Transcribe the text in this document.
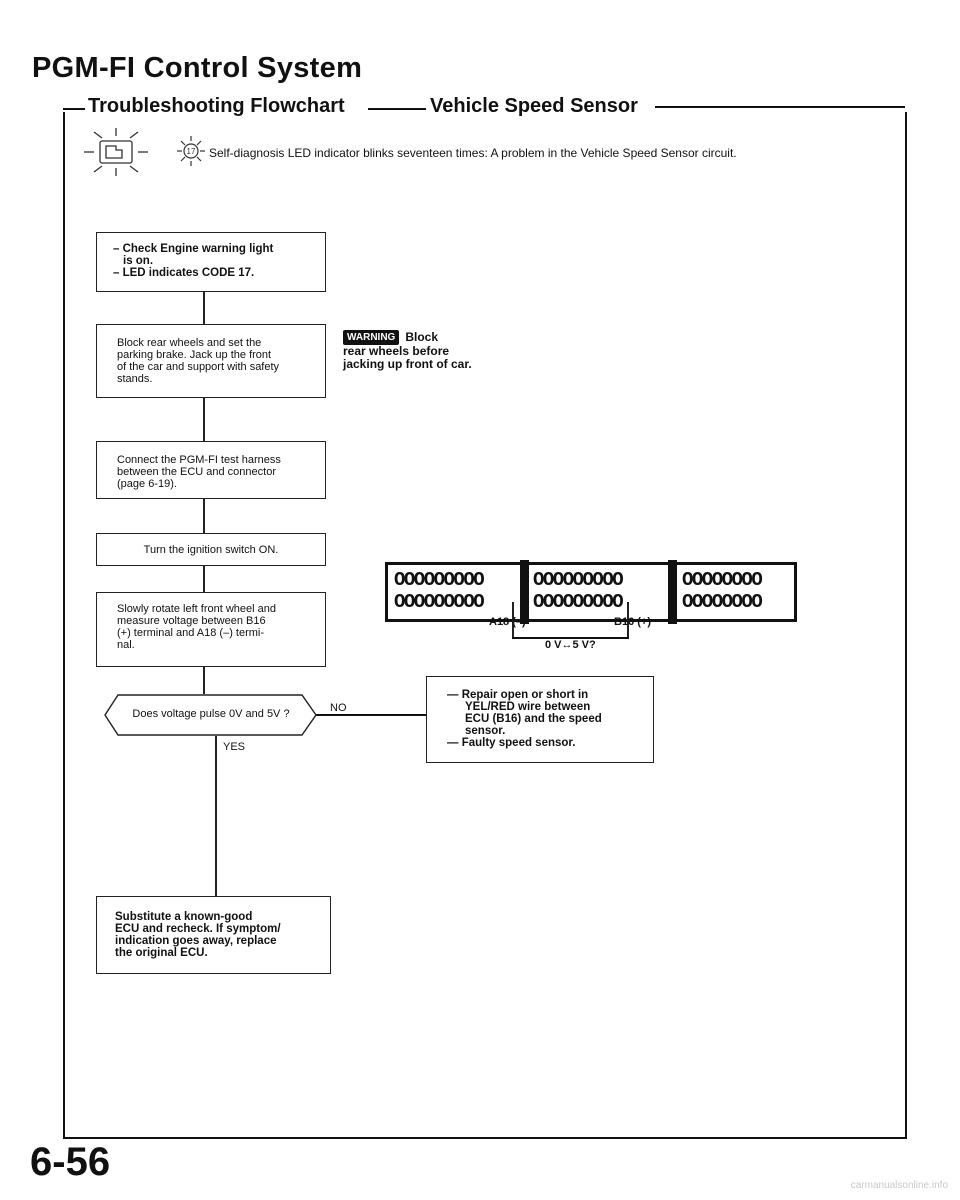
PGM-FI Control System
Troubleshooting Flowchart	Vehicle Speed Sensor
17 Self-diagnosis LED indicator blinks seventeen times: A problem in the Vehicle Speed Sensor circuit.
– Check Engine warning light
is on.
– LED indicates CODE 17.
Block rear wheels and set the
parking brake. Jack up the front
of the car and support with safety
stands.
Connect the PGM-FI test harness
between the ECU and connector
(page 6-19).
Turn the ignition switch ON.
Slowly rotate left front wheel and
measure voltage between B16
(+) terminal and A18 (–) termi-
nal.
Does voltage pulse 0V and 5V ?	NO
YES
— Repair open or short in
YEL/RED wire between
ECU (B16) and the speed
sensor.
— Faulty speed sensor.
Substitute a known-good
ECU and recheck. If symptom/
indication goes away, replace
the original ECU.
WARNING Block
rear wheels before
jacking up front of car.
OOOOOOOOO	OOOOOOOOO	OOOOOOOO
OOOOOOOOO	OOOOOOOOO	OOOOOOOO
A18 (–)	B16 (+)
0 V↔5 V?
6-56
carmanualsonline.info
